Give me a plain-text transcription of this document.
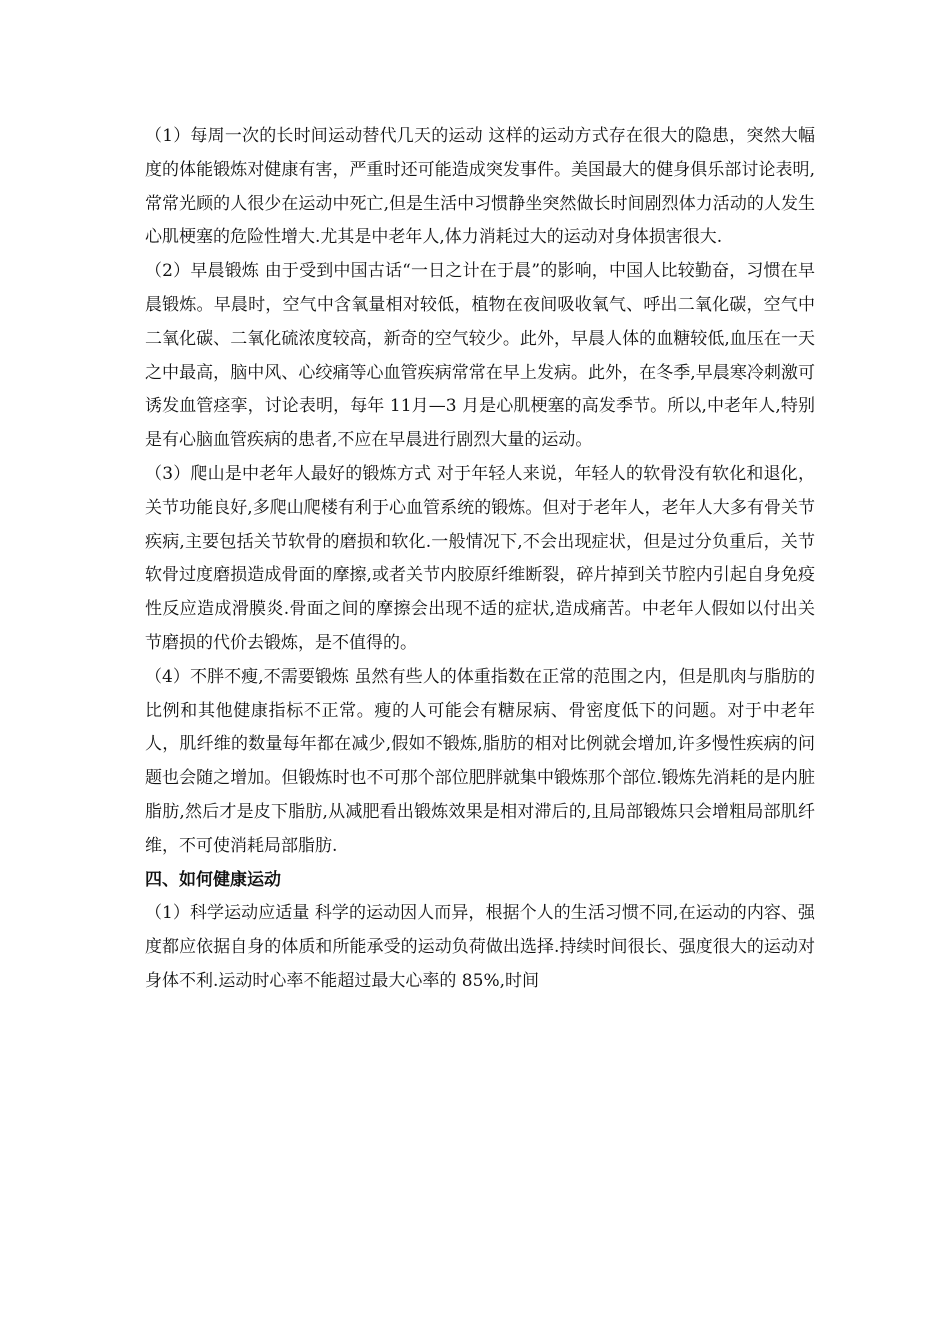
（1）每周一次的长时间运动替代几天的运动 这样的运动方式存在很大的隐患，突然大幅度的体能锻炼对健康有害，严重时还可能造成突发事件。美国最大的健身俱乐部讨论表明,常常光顾的人很少在运动中死亡,但是生活中习惯静坐突然做长时间剧烈体力活动的人发生心肌梗塞的危险性增大.尤其是中老年人,体力消耗过大的运动对身体损害很大.

（2）早晨锻炼 由于受到中国古话“一日之计在于晨”的影响，中国人比较勤奋，习惯在早晨锻炼。早晨时，空气中含氧量相对较低，植物在夜间吸收氧气、呼出二氧化碳，空气中二氧化碳、二氧化硫浓度较高，新奇的空气较少。此外，早晨人体的血糖较低,血压在一天之中最高，脑中风、心绞痛等心血管疾病常常在早上发病。此外，在冬季,早晨寒冷刺激可诱发血管痉挛，讨论表明，每年 11月—3 月是心肌梗塞的高发季节。所以,中老年人,特别是有心脑血管疾病的患者,不应在早晨进行剧烈大量的运动。

（3）爬山是中老年人最好的锻炼方式 对于年轻人来说，年轻人的软骨没有软化和退化，关节功能良好,多爬山爬楼有利于心血管系统的锻炼。但对于老年人，老年人大多有骨关节疾病,主要包括关节软骨的磨损和软化.一般情况下,不会出现症状，但是过分负重后，关节软骨过度磨损造成骨面的摩擦,或者关节内胶原纤维断裂，碎片掉到关节腔内引起自身免疫性反应造成滑膜炎.骨面之间的摩擦会出现不适的症状,造成痛苦。中老年人假如以付出关节磨损的代价去锻炼，是不值得的。

（4）不胖不瘦,不需要锻炼 虽然有些人的体重指数在正常的范围之内，但是肌肉与脂肪的比例和其他健康指标不正常。瘦的人可能会有糖尿病、骨密度低下的问题。对于中老年人，肌纤维的数量每年都在减少,假如不锻炼,脂肪的相对比例就会增加,许多慢性疾病的问题也会随之增加。但锻炼时也不可那个部位肥胖就集中锻炼那个部位.锻炼先消耗的是内脏脂肪,然后才是皮下脂肪,从减肥看出锻炼效果是相对滞后的,且局部锻炼只会增粗局部肌纤维，不可使消耗局部脂肪.

四、如何健康运动

（1）科学运动应适量 科学的运动因人而异，根据个人的生活习惯不同,在运动的内容、强度都应依据自身的体质和所能承受的运动负荷做出选择.持续时间很长、强度很大的运动对身体不利.运动时心率不能超过最大心率的 85%,时间
